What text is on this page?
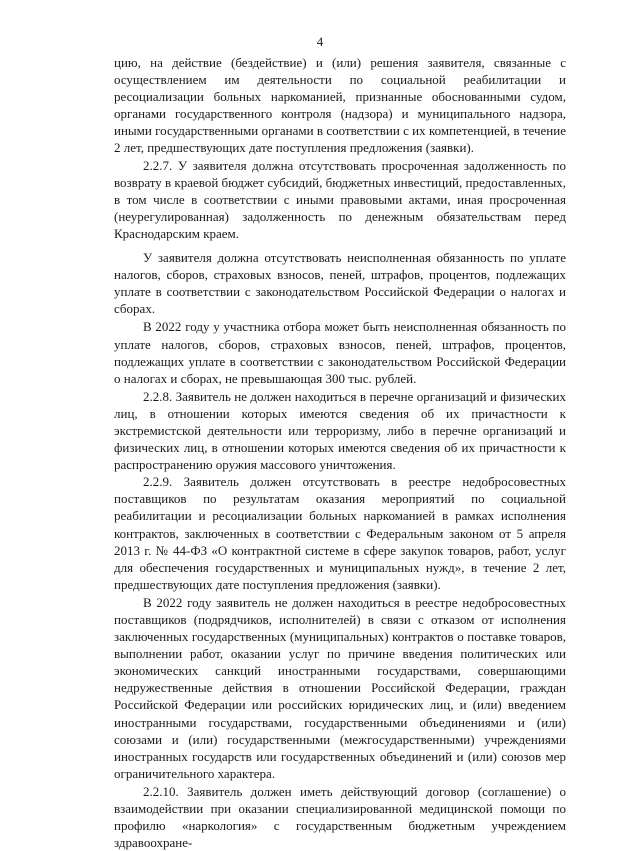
4

цию, на действие (бездействие) и (или) решения заявителя, связанные с осуществлением им деятельности по социальной реабилитации и ресоциализации больных наркоманией, признанные обоснованными судом, органами государственного контроля (надзора) и муниципального надзора, иными государственными органами в соответствии с их компетенцией, в течение 2 лет, предшествующих дате поступления предложения (заявки).

2.2.7. У заявителя должна отсутствовать просроченная задолженность по возврату в краевой бюджет субсидий, бюджетных инвестиций, предоставленных, в том числе в соответствии с иными правовыми актами, иная просроченная (неурегулированная) задолженность по денежным обязательствам перед Краснодарским краем.

У заявителя должна отсутствовать неисполненная обязанность по уплате налогов, сборов, страховых взносов, пеней, штрафов, процентов, подлежащих уплате в соответствии с законодательством Российской Федерации о налогах и сборах.

В 2022 году у участника отбора может быть неисполненная обязанность по уплате налогов, сборов, страховых взносов, пеней, штрафов, процентов, подлежащих уплате в соответствии с законодательством Российской Федерации о налогах и сборах, не превышающая 300 тыс. рублей.

2.2.8. Заявитель не должен находиться в перечне организаций и физических лиц, в отношении которых имеются сведения об их причастности к экстремистской деятельности или терроризму, либо в перечне организаций и физических лиц, в отношении которых имеются сведения об их причастности к распространению оружия массового уничтожения.

2.2.9. Заявитель должен отсутствовать в реестре недобросовестных поставщиков по результатам оказания мероприятий по социальной реабилитации и ресоциализации больных наркоманией в рамках исполнения контрактов, заключенных в соответствии с Федеральным законом от 5 апреля 2013 г. № 44-ФЗ «О контрактной системе в сфере закупок товаров, работ, услуг для обеспечения государственных и муниципальных нужд», в течение 2 лет, предшествующих дате поступления предложения (заявки).

В 2022 году заявитель не должен находиться в реестре недобросовестных поставщиков (подрядчиков, исполнителей) в связи с отказом от исполнения заключенных государственных (муниципальных) контрактов о поставке товаров, выполнении работ, оказании услуг по причине введения политических или экономических санкций иностранными государствами, совершающими недружественные действия в отношении Российской Федерации, граждан Российской Федерации или российских юридических лиц, и (или) введением иностранными государствами, государственными объединениями и (или) союзами и (или) государственными (межгосударственными) учреждениями иностранных государств или государственных объединений и (или) союзов мер ограничительного характера.

2.2.10. Заявитель должен иметь действующий договор (соглашение) о взаимодействии при оказании специализированной медицинской помощи по профилю «наркология» с государственным бюджетным учреждением здравоохране-
